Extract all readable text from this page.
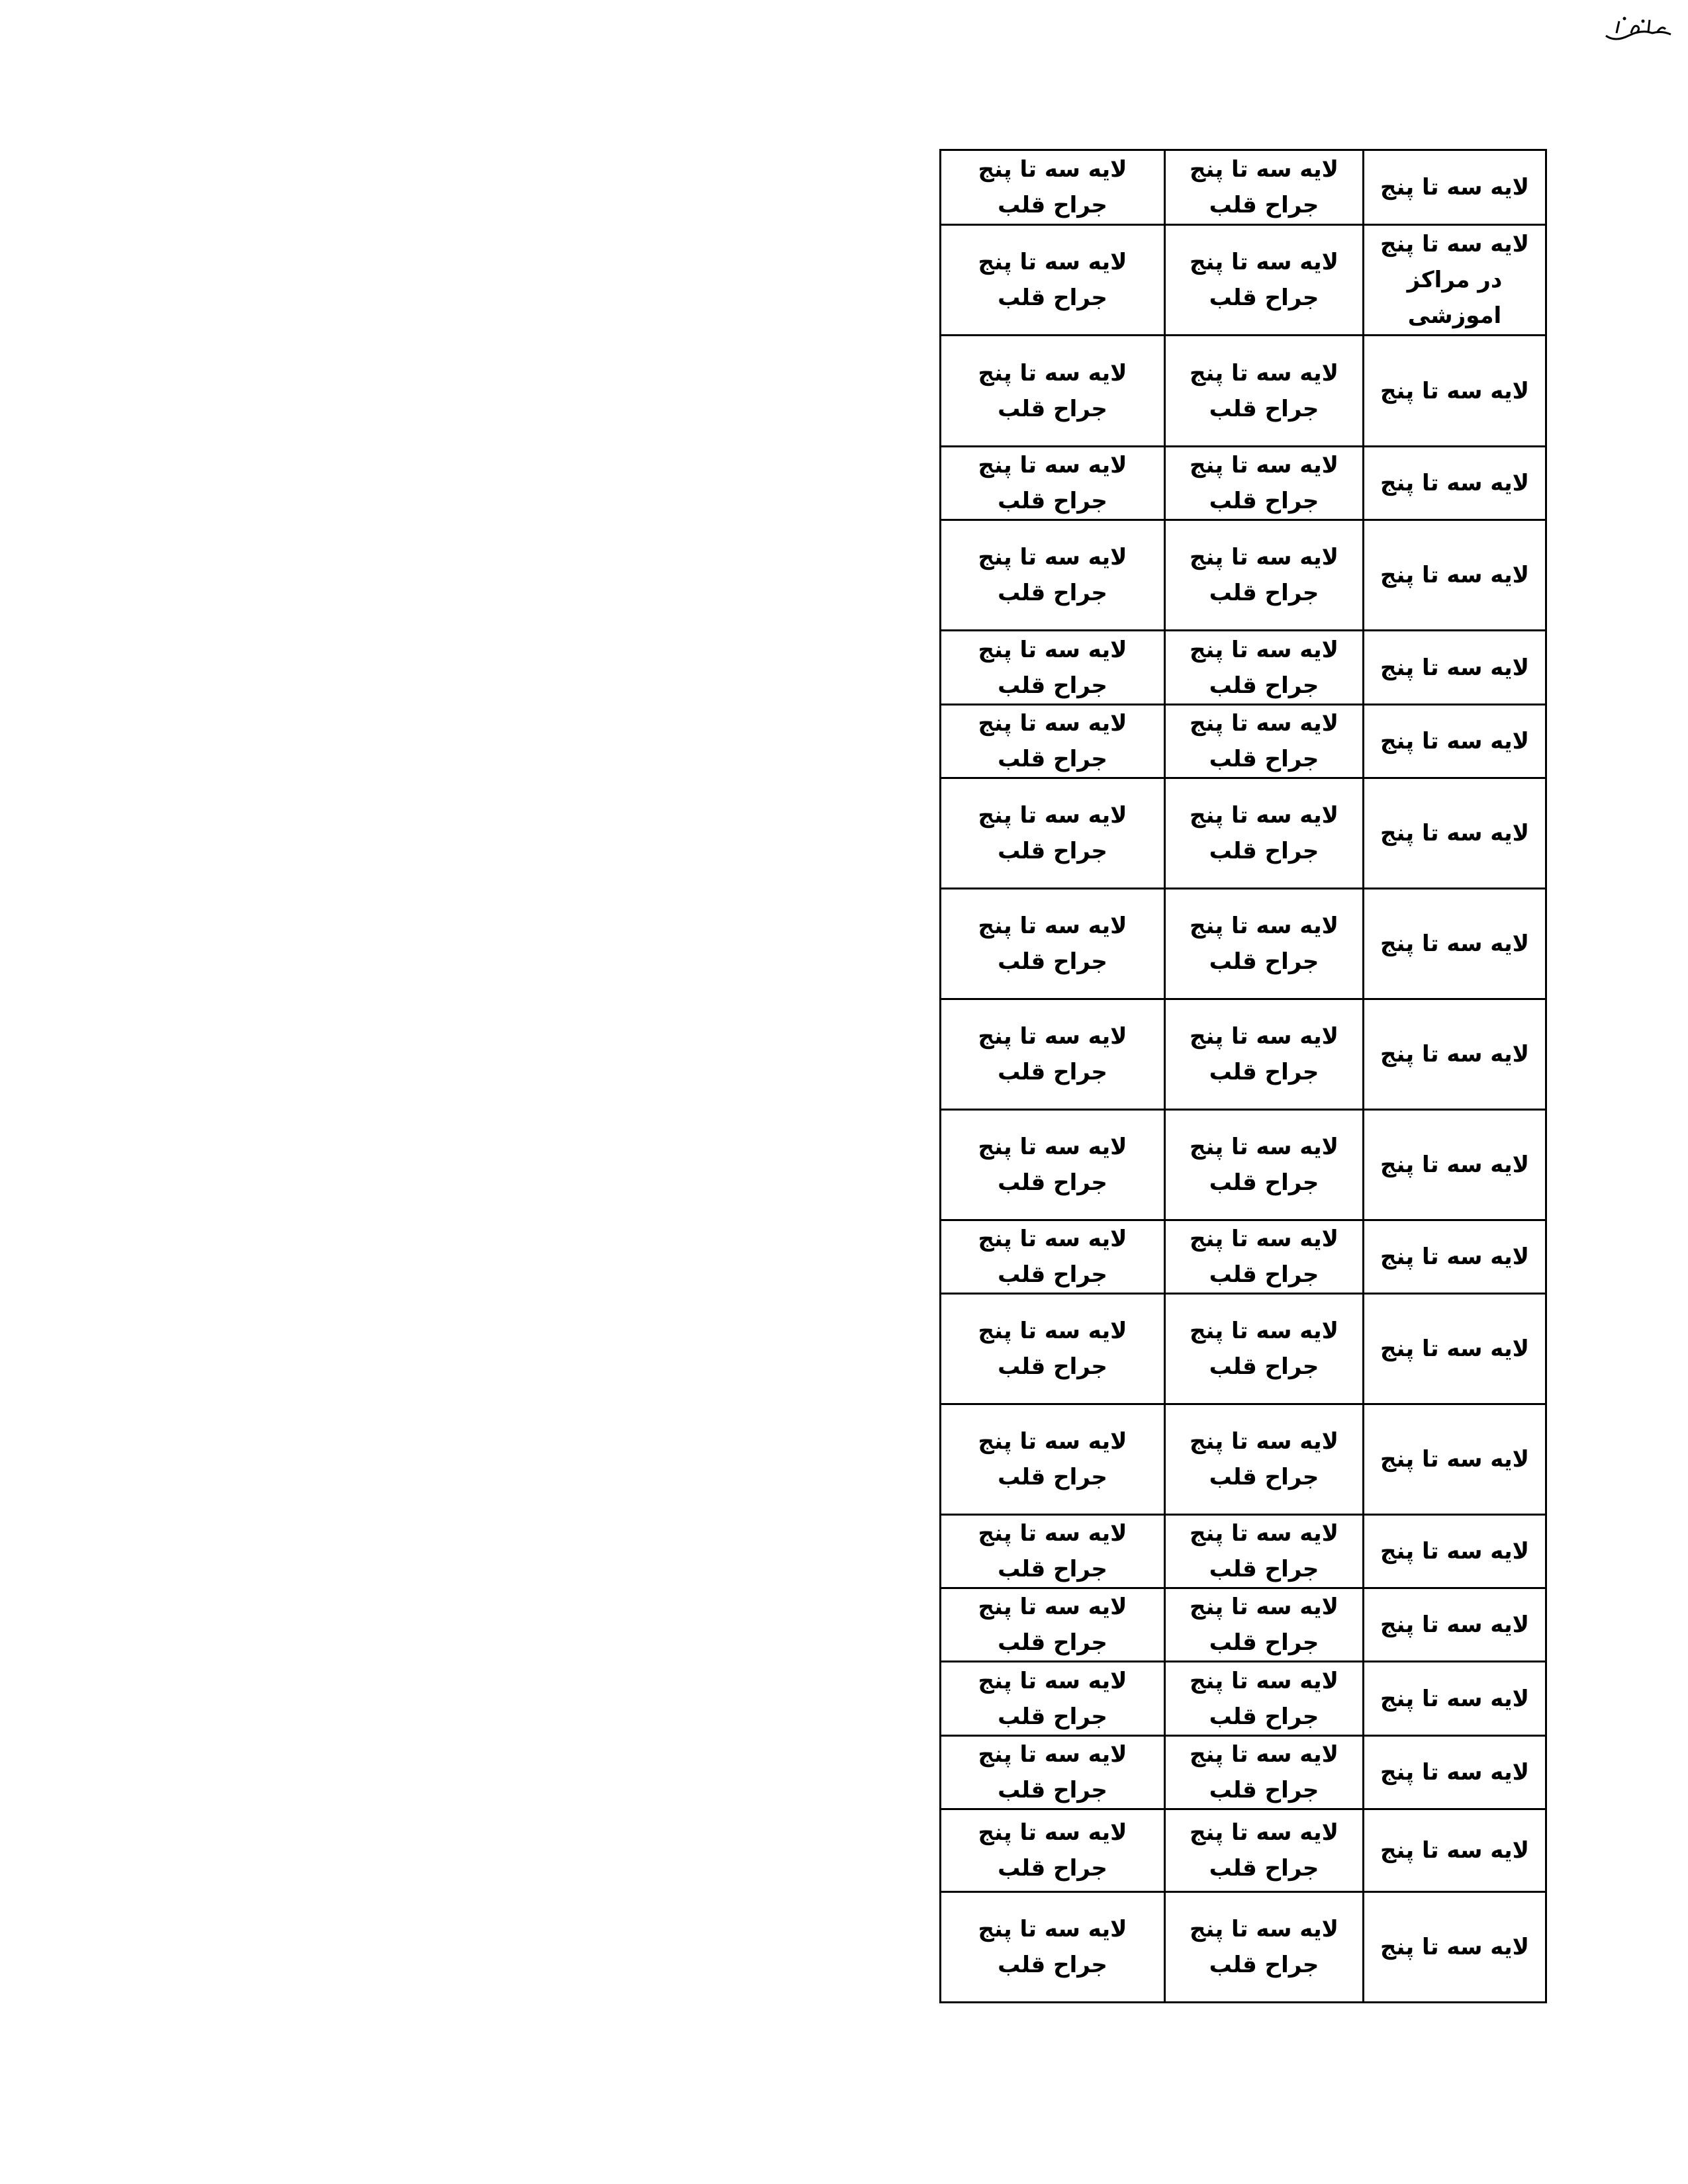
لایه سه تا پنج	لایه سه تا پنج جراح قلب	لایه سه تا پنج جراح قلب
لایه سه تا پنج در مراکز اموزشی	لایه سه تا پنج جراح قلب	لایه سه تا پنج جراح قلب
لایه سه تا پنج	لایه سه تا پنج جراح قلب	لایه سه تا پنج جراح قلب
لایه سه تا پنج	لایه سه تا پنج جراح قلب	لایه سه تا پنج جراح قلب
لایه سه تا پنج	لایه سه تا پنج جراح قلب	لایه سه تا پنج جراح قلب
لایه سه تا پنج	لایه سه تا پنج جراح قلب	لایه سه تا پنج جراح قلب
لایه سه تا پنج	لایه سه تا پنج جراح قلب	لایه سه تا پنج جراح قلب
لایه سه تا پنج	لایه سه تا پنج جراح قلب	لایه سه تا پنج جراح قلب
لایه سه تا پنج	لایه سه تا پنج جراح قلب	لایه سه تا پنج جراح قلب
لایه سه تا پنج	لایه سه تا پنج جراح قلب	لایه سه تا پنج جراح قلب
لایه سه تا پنج	لایه سه تا پنج جراح قلب	لایه سه تا پنج جراح قلب
لایه سه تا پنج	لایه سه تا پنج جراح قلب	لایه سه تا پنج جراح قلب
لایه سه تا پنج	لایه سه تا پنج جراح قلب	لایه سه تا پنج جراح قلب
لایه سه تا پنج	لایه سه تا پنج جراح قلب	لایه سه تا پنج جراح قلب
لایه سه تا پنج	لایه سه تا پنج جراح قلب	لایه سه تا پنج جراح قلب
لایه سه تا پنج	لایه سه تا پنج جراح قلب	لایه سه تا پنج جراح قلب
لایه سه تا پنج	لایه سه تا پنج جراح قلب	لایه سه تا پنج جراح قلب
لایه سه تا پنج	لایه سه تا پنج جراح قلب	لایه سه تا پنج جراح قلب
لایه سه تا پنج	لایه سه تا پنج جراح قلب	لایه سه تا پنج جراح قلب
لایه سه تا پنج	لایه سه تا پنج جراح قلب	لایه سه تا پنج جراح قلب
